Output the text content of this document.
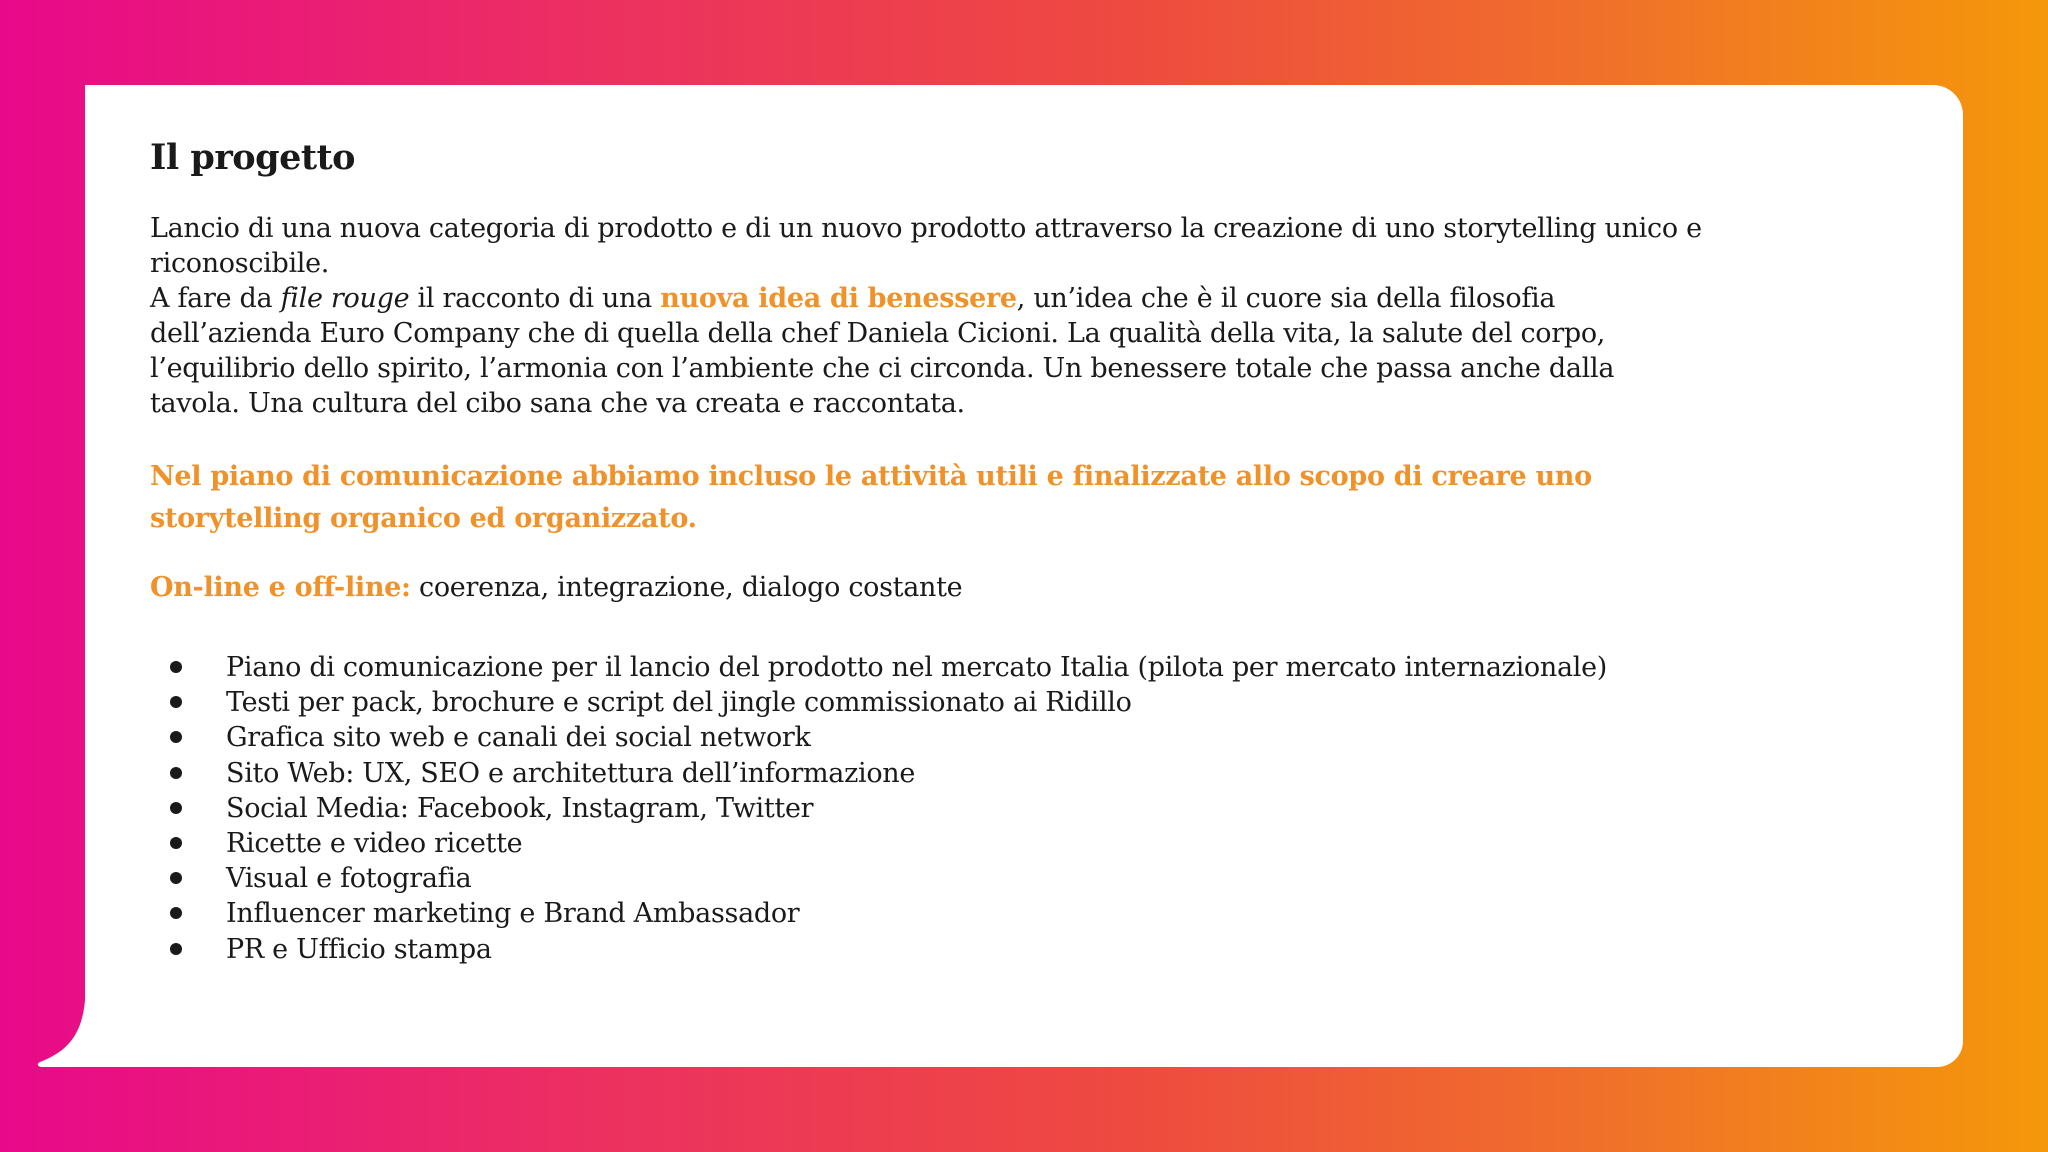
Il progetto

Lancio di una nuova categoria di prodotto e di un nuovo prodotto attraverso la creazione di uno storytelling unico e riconoscibile.

A fare da file rouge il racconto di una nuova idea di benessere, un’idea che è il cuore sia della filosofia dell’azienda Euro Company che di quella della chef Daniela Cicioni. La qualità della vita, la salute del corpo, l’equilibrio dello spirito, l’armonia con l’ambiente che ci circonda. Un benessere totale che passa anche dalla tavola. Una cultura del cibo sana che va creata e raccontata.

Nel piano di comunicazione abbiamo incluso le attività utili e finalizzate allo scopo di creare uno storytelling organico ed organizzato.
On-line e off-line: coerenza, integrazione, dialogo costante
Piano di comunicazione per il lancio del prodotto nel mercato Italia (pilota per mercato internazionale)
Testi per pack, brochure e script del jingle commissionato ai Ridillo
Grafica sito web e canali dei social network
Sito Web: UX, SEO e architettura dell’informazione
Social Media: Facebook, Instagram, Twitter
Ricette e video ricette
Visual e fotografia
Influencer marketing e Brand Ambassador
PR e Ufficio stampa
